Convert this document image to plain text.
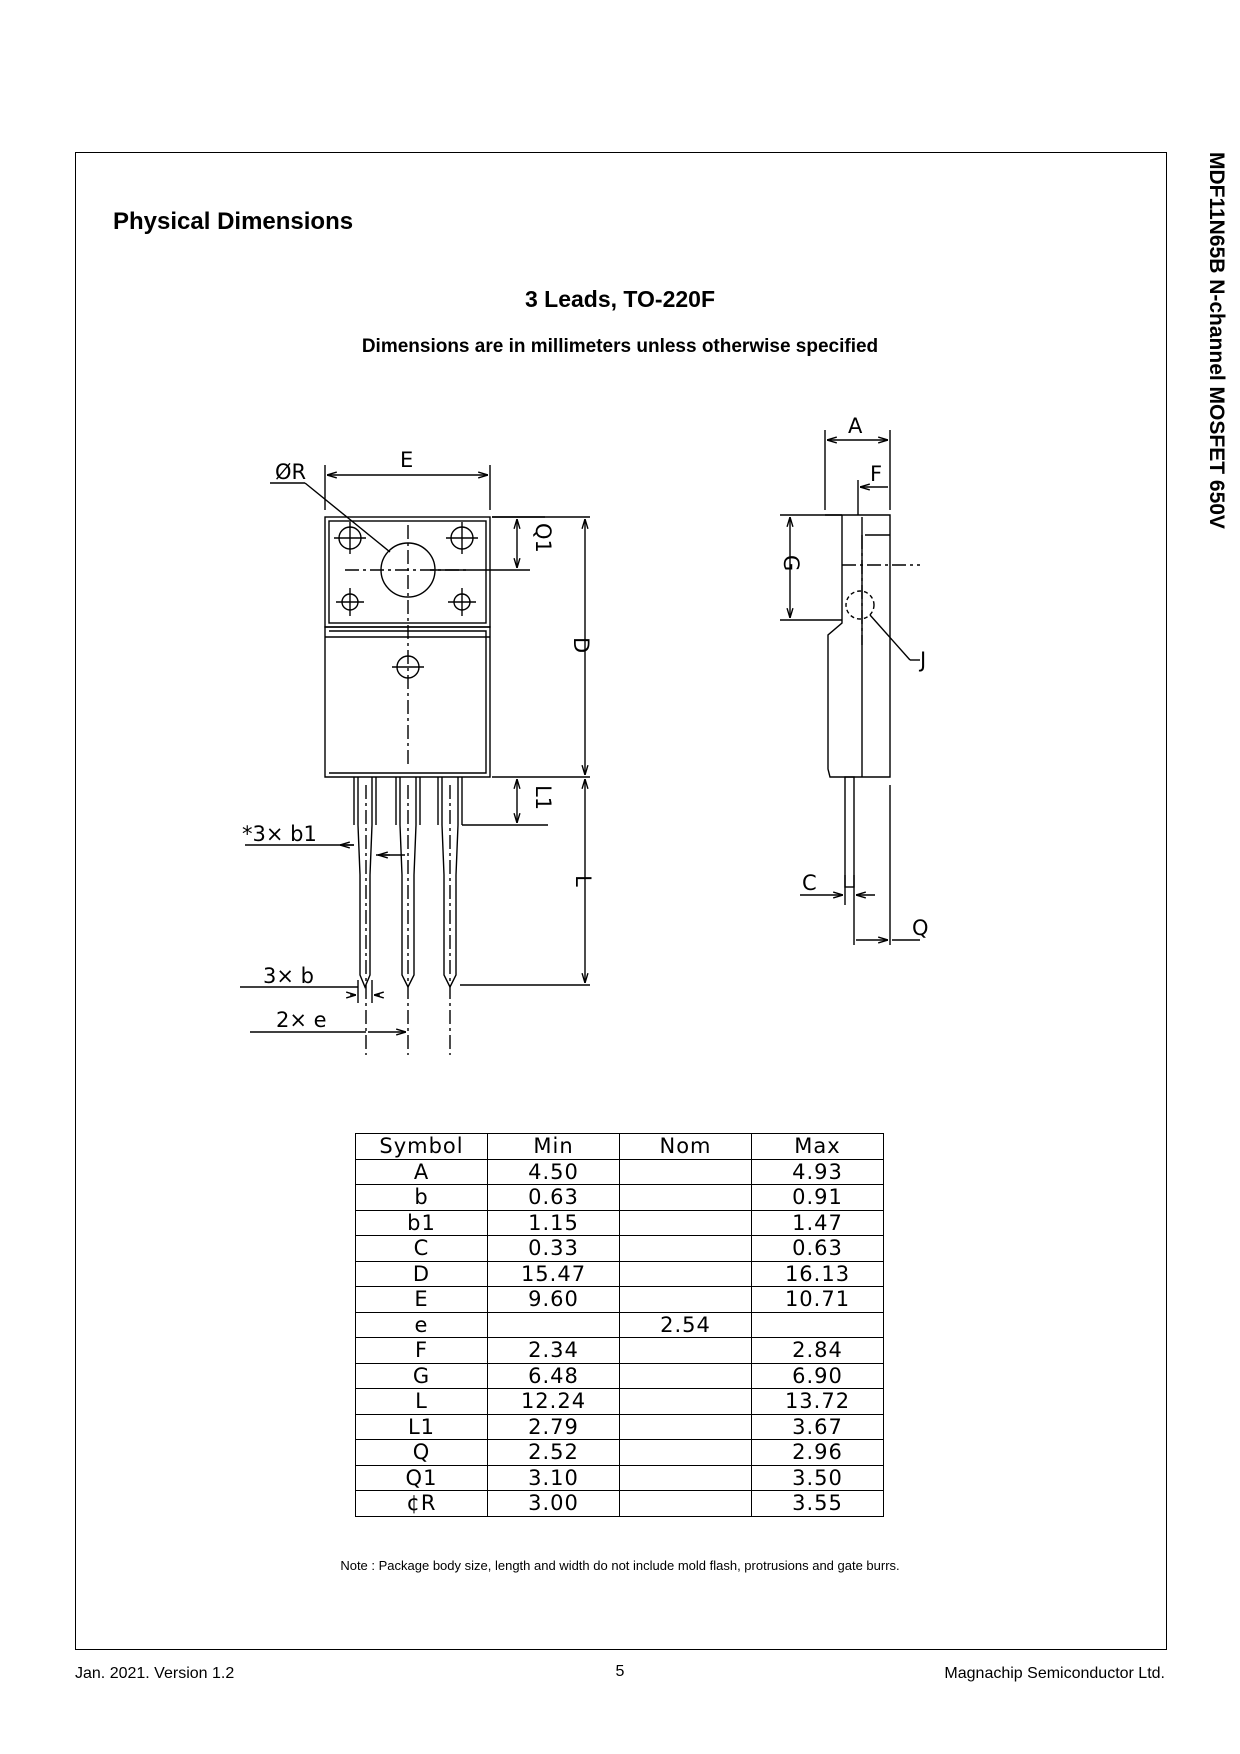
MDF11N65B N-channel MOSFET 650V
Physical Dimensions
3 Leads, TO-220F
Dimensions are in millimeters unless otherwise specified
ØR	E
Q1
D
L1
L
*3× b1
3× b
2× e
A
F
G
J
C
Q
Symbol	Min	Nom	Max
A	4.50		4.93
b	0.63		0.91
b1	1.15		1.47
C	0.33		0.63
D	15.47		16.13
E	9.60		10.71
e		2.54	
F	2.34		2.84
G	6.48		6.90
L	12.24		13.72
L1	2.79		3.67
Q	2.52		2.96
Q1	3.10		3.50
¢R	3.00		3.55
Note : Package body size, length and width do not include mold flash, protrusions and gate burrs.
Jan. 2021. Version 1.2	5	Magnachip Semiconductor Ltd.
